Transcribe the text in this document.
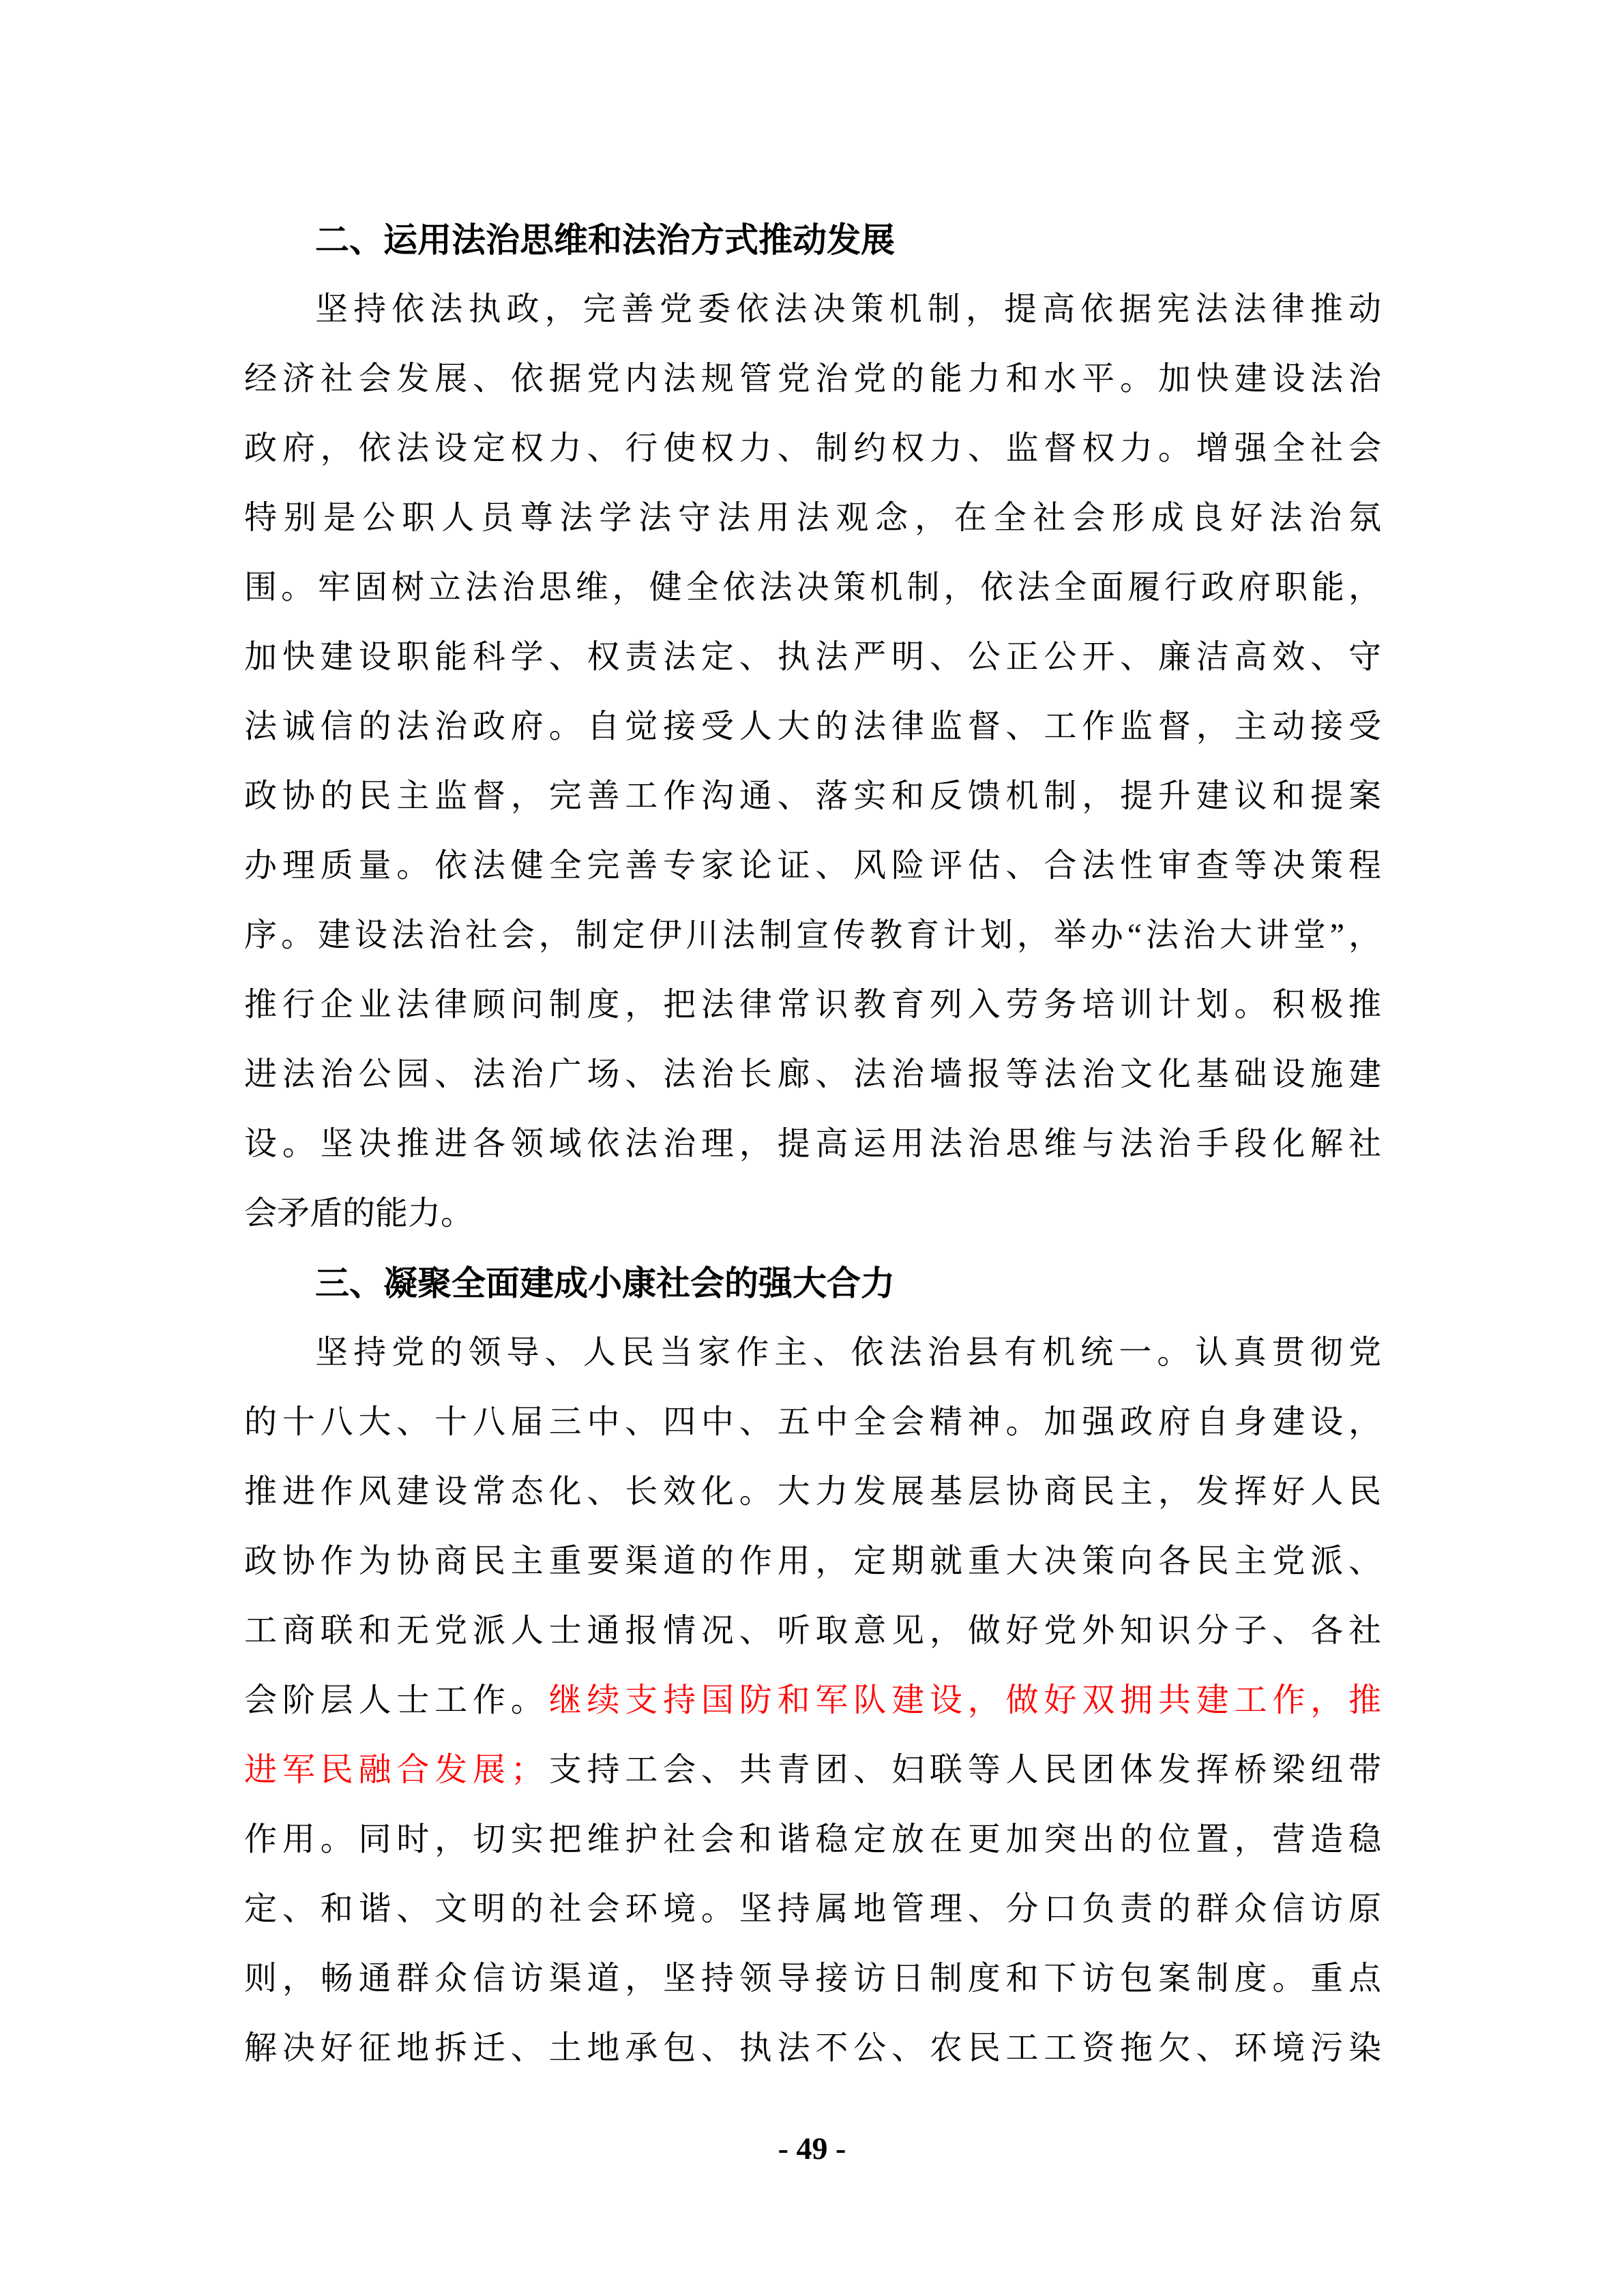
二、运用法治思维和法治方式推动发展
坚持依法执政，完善党委依法决策机制，提高依据宪法法律推动
经济社会发展、依据党内法规管党治党的能力和水平。加快建设法治
政府，依法设定权力、行使权力、制约权力、监督权力。增强全社会
特别是公职人员尊法学法守法用法观念，在全社会形成良好法治氛
围。牢固树立法治思维，健全依法决策机制，依法全面履行政府职能，
加快建设职能科学、权责法定、执法严明、公正公开、廉洁高效、守
法诚信的法治政府。自觉接受人大的法律监督、工作监督，主动接受
政协的民主监督，完善工作沟通、落实和反馈机制，提升建议和提案
办理质量。依法健全完善专家论证、风险评估、合法性审查等决策程
序。建设法治社会，制定伊川法制宣传教育计划，举办“法治大讲堂”，
推行企业法律顾问制度，把法律常识教育列入劳务培训计划。积极推
进法治公园、法治广场、法治长廊、法治墙报等法治文化基础设施建
设。坚决推进各领域依法治理，提高运用法治思维与法治手段化解社
会矛盾的能力。
三、凝聚全面建成小康社会的强大合力
坚持党的领导、人民当家作主、依法治县有机统一。认真贯彻党
的十八大、十八届三中、四中、五中全会精神。加强政府自身建设，
推进作风建设常态化、长效化。大力发展基层协商民主，发挥好人民
政协作为协商民主重要渠道的作用，定期就重大决策向各民主党派、
工商联和无党派人士通报情况、听取意见，做好党外知识分子、各社
会阶层人士工作。继续支持国防和军队建设，做好双拥共建工作，推
进军民融合发展；支持工会、共青团、妇联等人民团体发挥桥梁纽带
作用。同时，切实把维护社会和谐稳定放在更加突出的位置，营造稳
定、和谐、文明的社会环境。坚持属地管理、分口负责的群众信访原
则，畅通群众信访渠道，坚持领导接访日制度和下访包案制度。重点
解决好征地拆迁、土地承包、执法不公、农民工工资拖欠、环境污染
- 49 -
